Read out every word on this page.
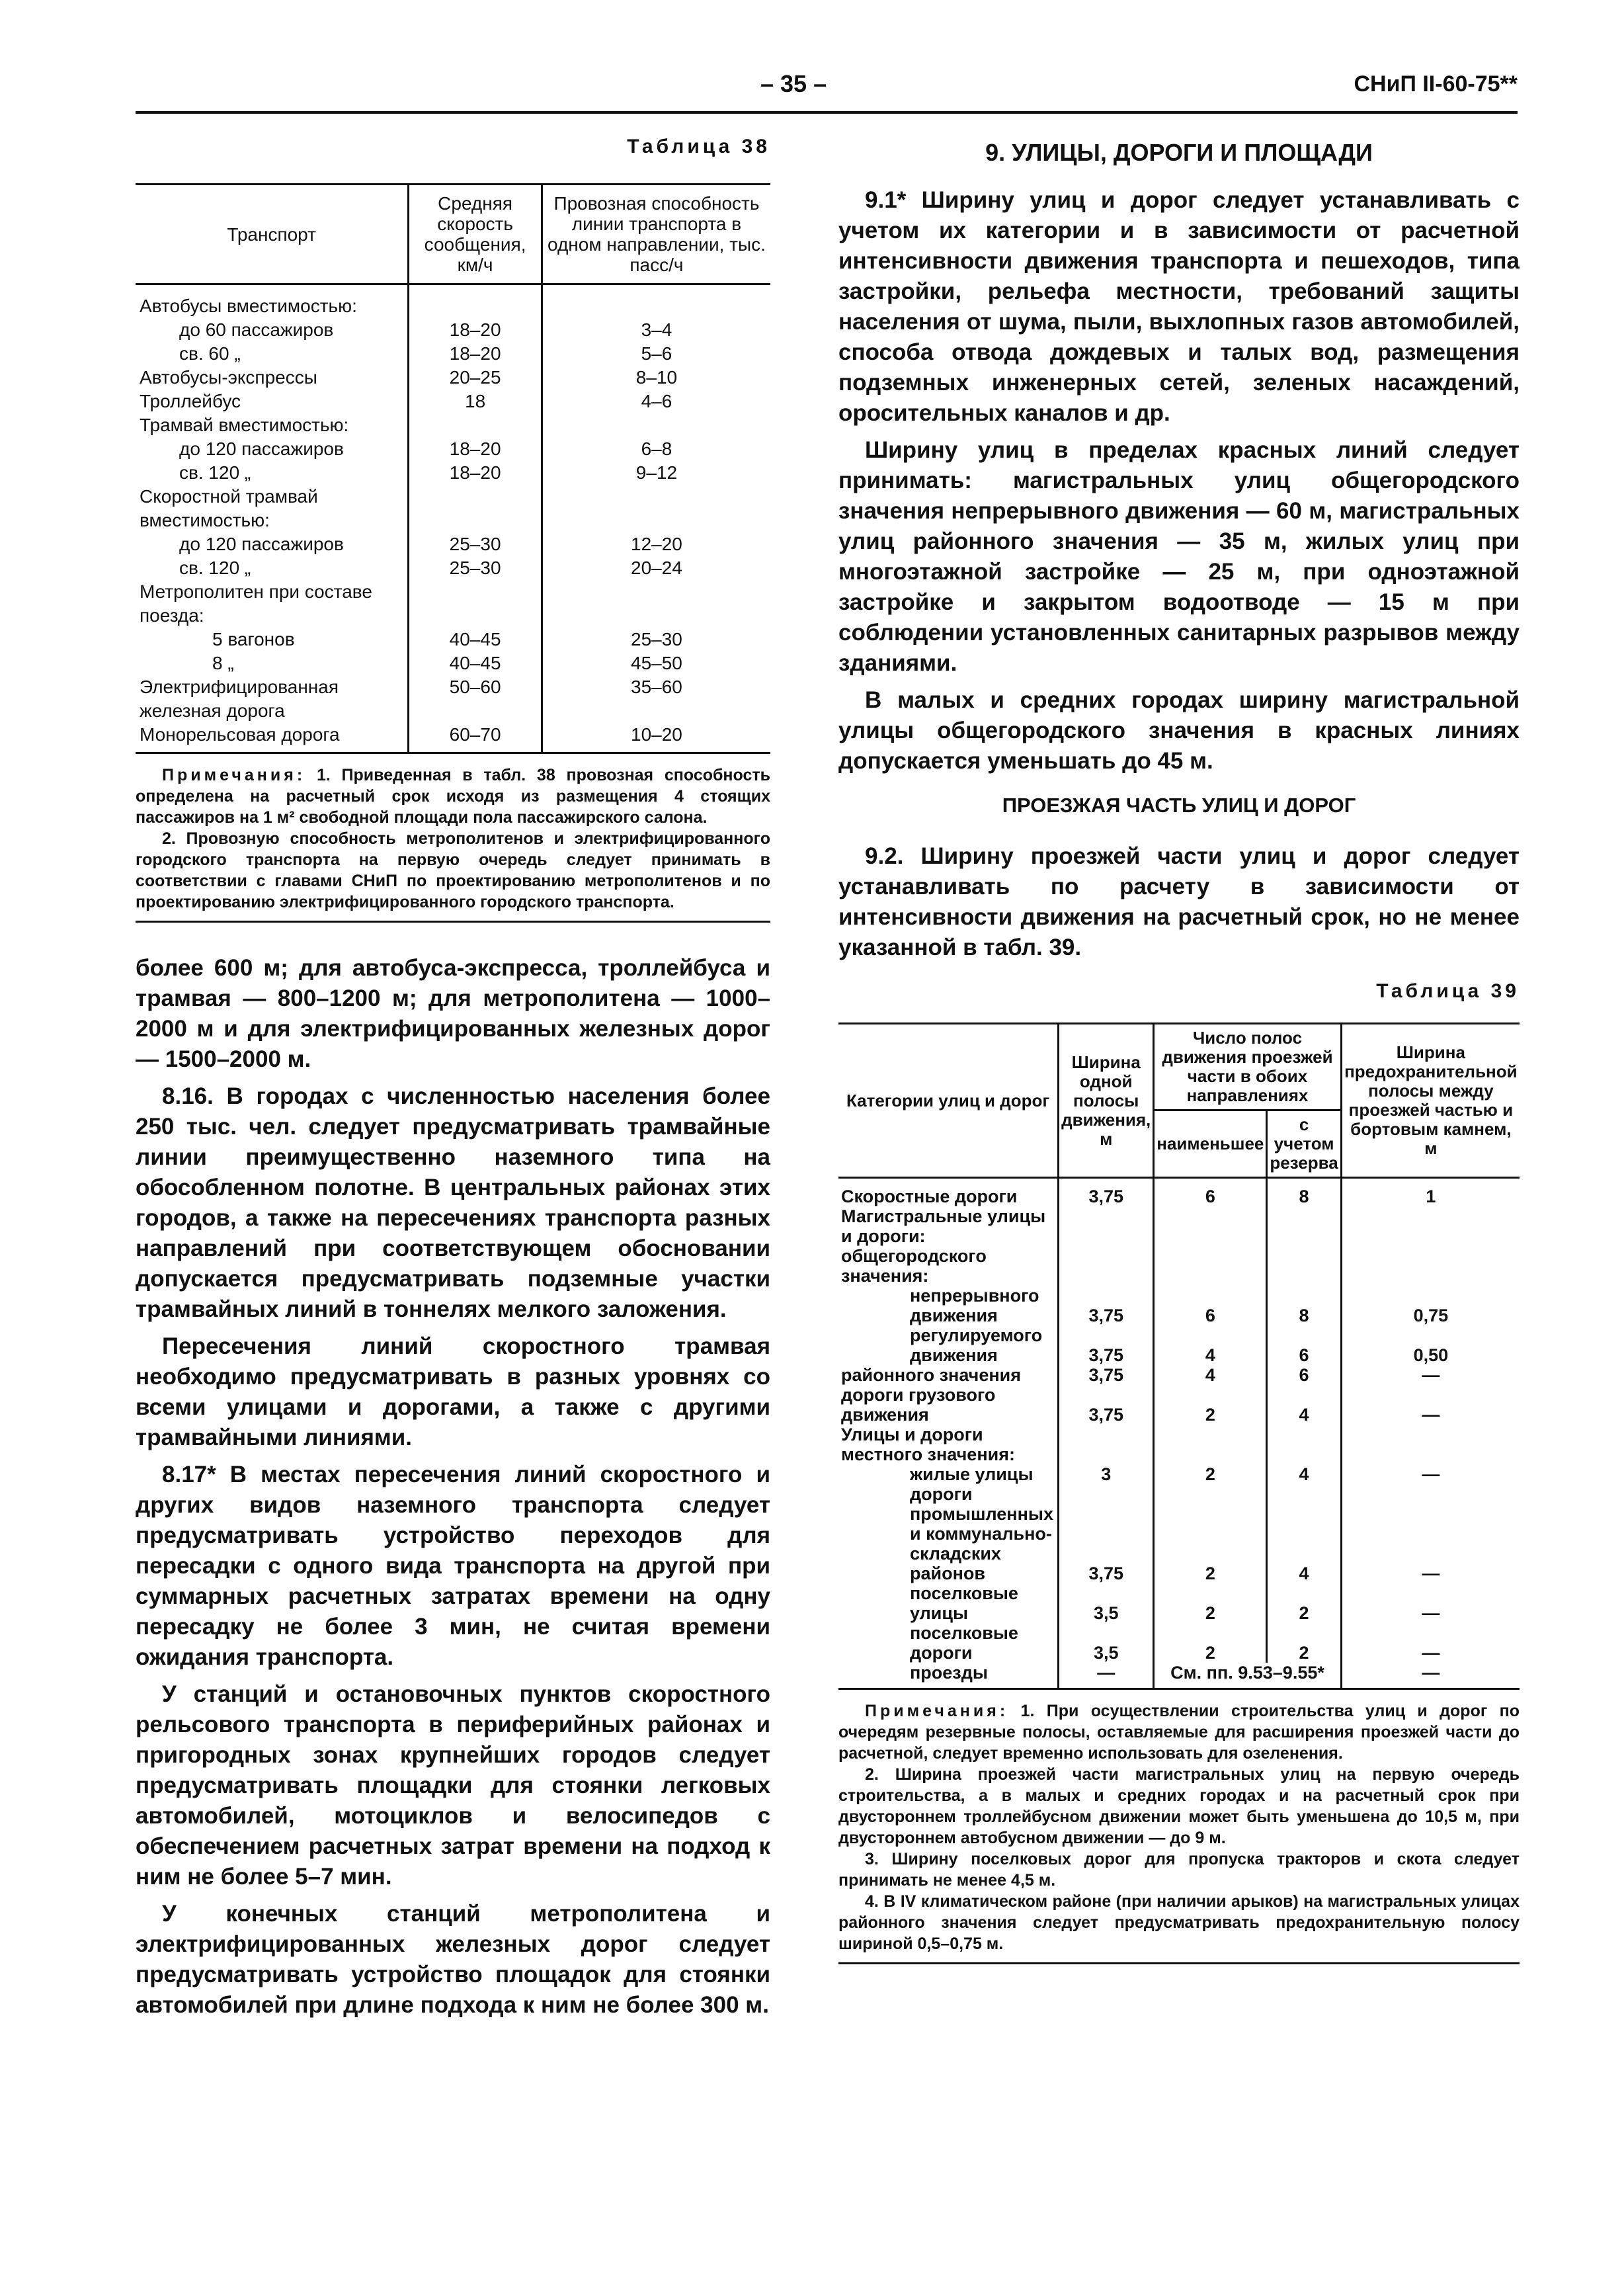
– 35 –	СНиП II-60-75**
Таблица 38
Транспорт	Средняя скорость сообщения, км/ч	Провозная способность линии транспорта в одном направлении, тыс. пасс/ч
Автобусы вместимостью:		
до 60 пассажиров	18–20	3–4
св. 60 „	18–20	5–6
Автобусы-экспрессы	20–25	8–10
Троллейбус	18	4–6
Трамвай вместимостью:		
до 120 пассажиров	18–20	6–8
св. 120 „	18–20	9–12
Скоростной трамвай вместимостью:		
до 120 пассажиров	25–30	12–20
св. 120 „	25–30	20–24
Метрополитен при составе поезда:		
5 вагонов	40–45	25–30
8 „	40–45	45–50
Электрифицированная железная дорога	50–60	35–60
Монорельсовая дорога	60–70	10–20

Примечания: 1. Приведенная в табл. 38 провозная способность определена на расчетный срок исходя из размещения 4 стоящих пассажиров на 1 м² свободной площади пола пассажирского салона.

2. Провозную способность метрополитенов и электрифицированного городского транспорта на первую очередь следует принимать в соответствии с главами СНиП по проектированию метрополитенов и по проектированию электрифицированного городского транспорта.

более 600 м; для автобуса-экспресса, троллейбуса и трамвая — 800–1200 м; для метрополитена — 1000–2000 м и для электрифицированных железных дорог — 1500–2000 м.

8.16. В городах с численностью населения более 250 тыс. чел. следует предусматривать трамвайные линии преимущественно наземного типа на обособленном полотне. В центральных районах этих городов, а также на пересечениях транспорта разных направлений при соответствующем обосновании допускается предусматривать подземные участки трамвайных линий в тоннелях мелкого заложения.

Пересечения линий скоростного трамвая необходимо предусматривать в разных уровнях со всеми улицами и дорогами, а также с другими трамвайными линиями.

8.17* В местах пересечения линий скоростного и других видов наземного транспорта следует предусматривать устройство переходов для пересадки с одного вида транспорта на другой при суммарных расчетных затратах времени на одну пересадку не более 3 мин, не считая времени ожидания транспорта.

У станций и остановочных пунктов скоростного рельсового транспорта в периферийных районах и пригородных зонах крупнейших городов следует предусматривать площадки для стоянки легковых автомобилей, мотоциклов и велосипедов с обеспечением расчетных затрат времени на подход к ним не более 5–7 мин.

У конечных станций метрополитена и электрифицированных железных дорог следует предусматривать устройство площадок для стоянки автомобилей при длине подхода к ним не более 300 м.

9. УЛИЦЫ, ДОРОГИ И ПЛОЩАДИ

9.1* Ширину улиц и дорог следует устанавливать с учетом их категории и в зависимости от расчетной интенсивности движения транспорта и пешеходов, типа застройки, рельефа местности, требований защиты населения от шума, пыли, выхлопных газов автомобилей, способа отвода дождевых и талых вод, размещения подземных инженерных сетей, зеленых насаждений, оросительных каналов и др.

Ширину улиц в пределах красных линий следует принимать: магистральных улиц общегородского значения непрерывного движения — 60 м, магистральных улиц районного значения — 35 м, жилых улиц при многоэтажной застройке — 25 м, при одноэтажной застройке и закрытом водоотводе — 15 м при соблюдении установленных санитарных разрывов между зданиями.

В малых и средних городах ширину магистральной улицы общегородского значения в красных линиях допускается уменьшать до 45 м.

ПРОЕЗЖАЯ ЧАСТЬ УЛИЦ И ДОРОГ

9.2. Ширину проезжей части улиц и дорог следует устанавливать по расчету в зависимости от интенсивности движения на расчетный срок, но не менее указанной в табл. 39.

Таблица 39
Категории улиц и дорог	Ширина одной полосы движения, м	Число полос движения проезжей части в обоих направлениях		Ширина предохранительной полосы между проезжей частью и бортовым камнем, м
		наименьшее	с учетом резерва	
Скоростные дороги	3,75	6	8	1
Магистральные улицы и дороги:				
общегородского значения:				
непрерывного движения	3,75	6	8	0,75
регулируемого движения	3,75	4	6	0,50
районного значения	3,75	4	6	—
дороги грузового движения	3,75	2	4	—
Улицы и дороги местного значения:				
жилые улицы	3	2	4	—
дороги промышленных и коммунально-складских районов	3,75	2	4	—
поселковые улицы	3,5	2	2	—
поселковые дороги	3,5	2	2	—
проезды	—	См. пп. 9.53–9.55*		—

Примечания: 1. При осуществлении строительства улиц и дорог по очередям резервные полосы, оставляемые для расширения проезжей части до расчетной, следует временно использовать для озеленения.

2. Ширина проезжей части магистральных улиц на первую очередь строительства, а в малых и средних городах и на расчетный срок при двустороннем троллейбусном движении может быть уменьшена до 10,5 м, при двустороннем автобусном движении — до 9 м.

3. Ширину поселковых дорог для пропуска тракторов и скота следует принимать не менее 4,5 м.

4. В IV климатическом районе (при наличии арыков) на магистральных улицах районного значения следует предусматривать предохранительную полосу шириной 0,5–0,75 м.
